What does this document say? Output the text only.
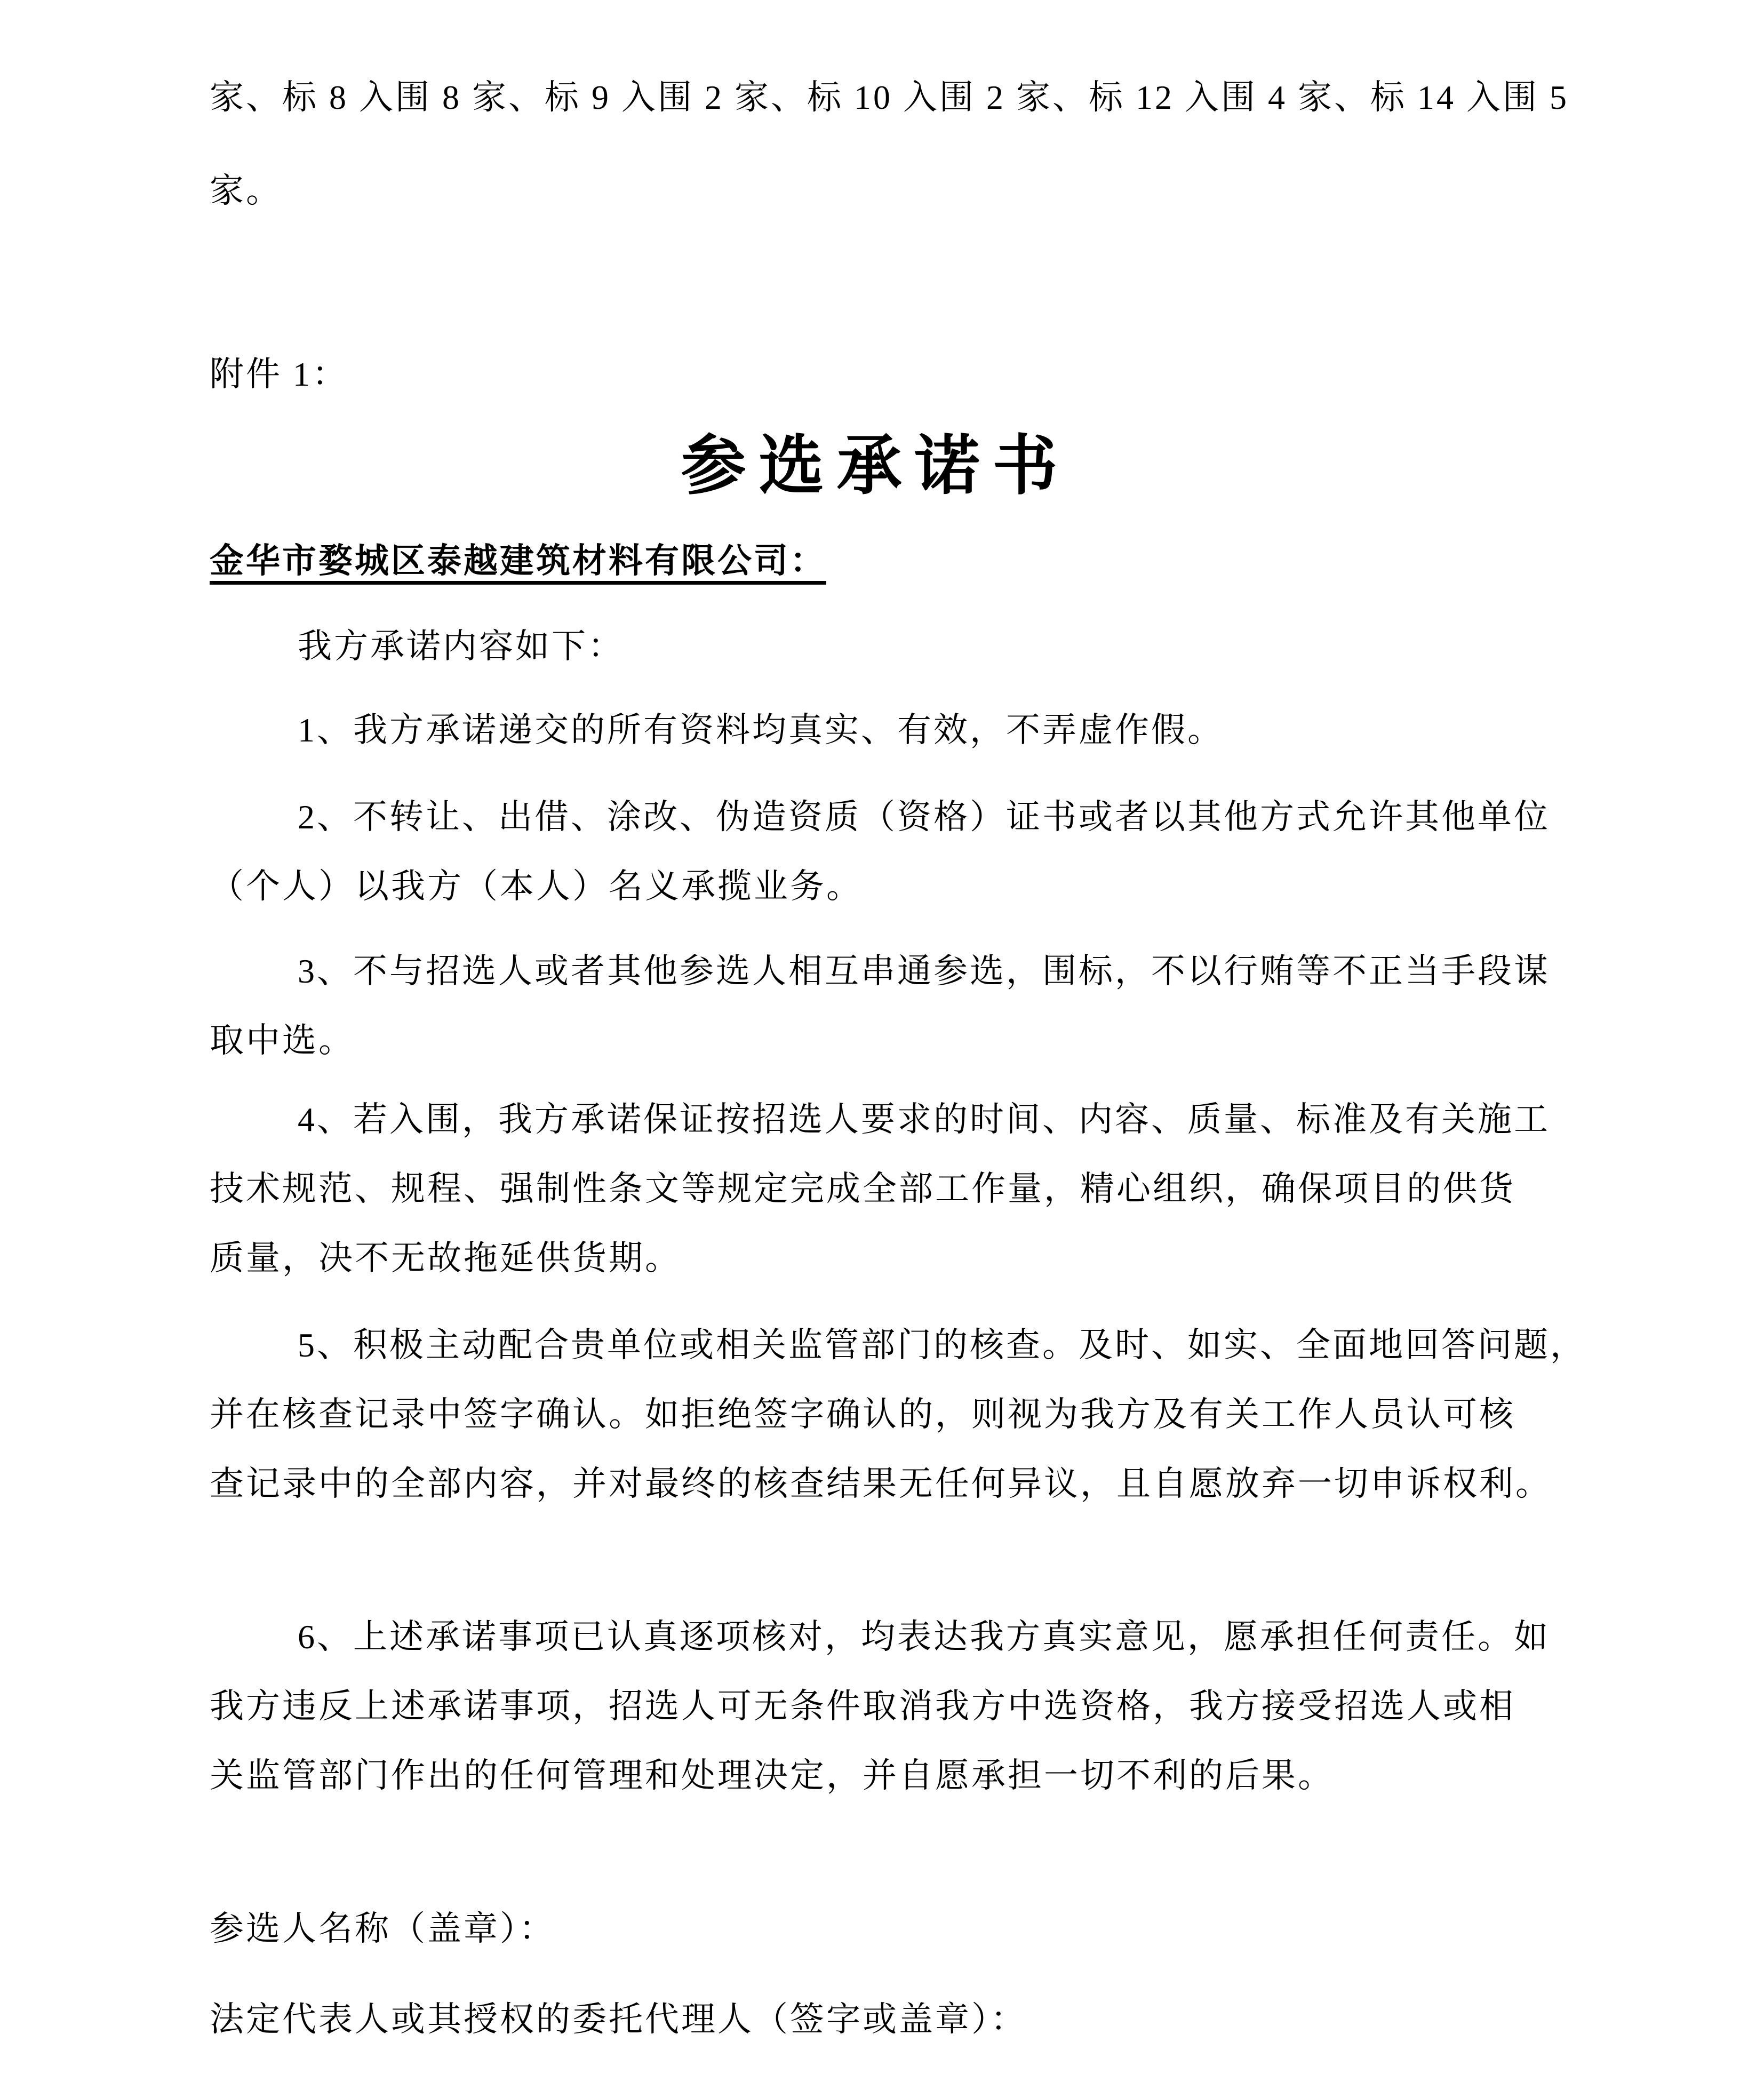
家、标 8 入围 8 家、标 9 入围 2 家、标 10 入围 2 家、标 12 入围 4 家、标 14 入围 5
家。
附件 1：
参选承诺书
金华市婺城区泰越建筑材料有限公司：
我方承诺内容如下：
1、我方承诺递交的所有资料均真实、有效，不弄虚作假。
2、不转让、出借、涂改、伪造资质（资格）证书或者以其他方式允许其他单位
（个人）以我方（本人）名义承揽业务。
3、不与招选人或者其他参选人相互串通参选，围标，不以行贿等不正当手段谋
取中选。
4、若入围，我方承诺保证按招选人要求的时间、内容、质量、标准及有关施工
技术规范、规程、强制性条文等规定完成全部工作量，精心组织，确保项目的供货
质量，决不无故拖延供货期。
5、积极主动配合贵单位或相关监管部门的核查。及时、如实、全面地回答问题，
并在核查记录中签字确认。如拒绝签字确认的，则视为我方及有关工作人员认可核
查记录中的全部内容，并对最终的核查结果无任何异议，且自愿放弃一切申诉权利。
6、上述承诺事项已认真逐项核对，均表达我方真实意见，愿承担任何责任。如
我方违反上述承诺事项，招选人可无条件取消我方中选资格，我方接受招选人或相
关监管部门作出的任何管理和处理决定，并自愿承担一切不利的后果。
参选人名称（盖章）：
法定代表人或其授权的委托代理人（签字或盖章）：
